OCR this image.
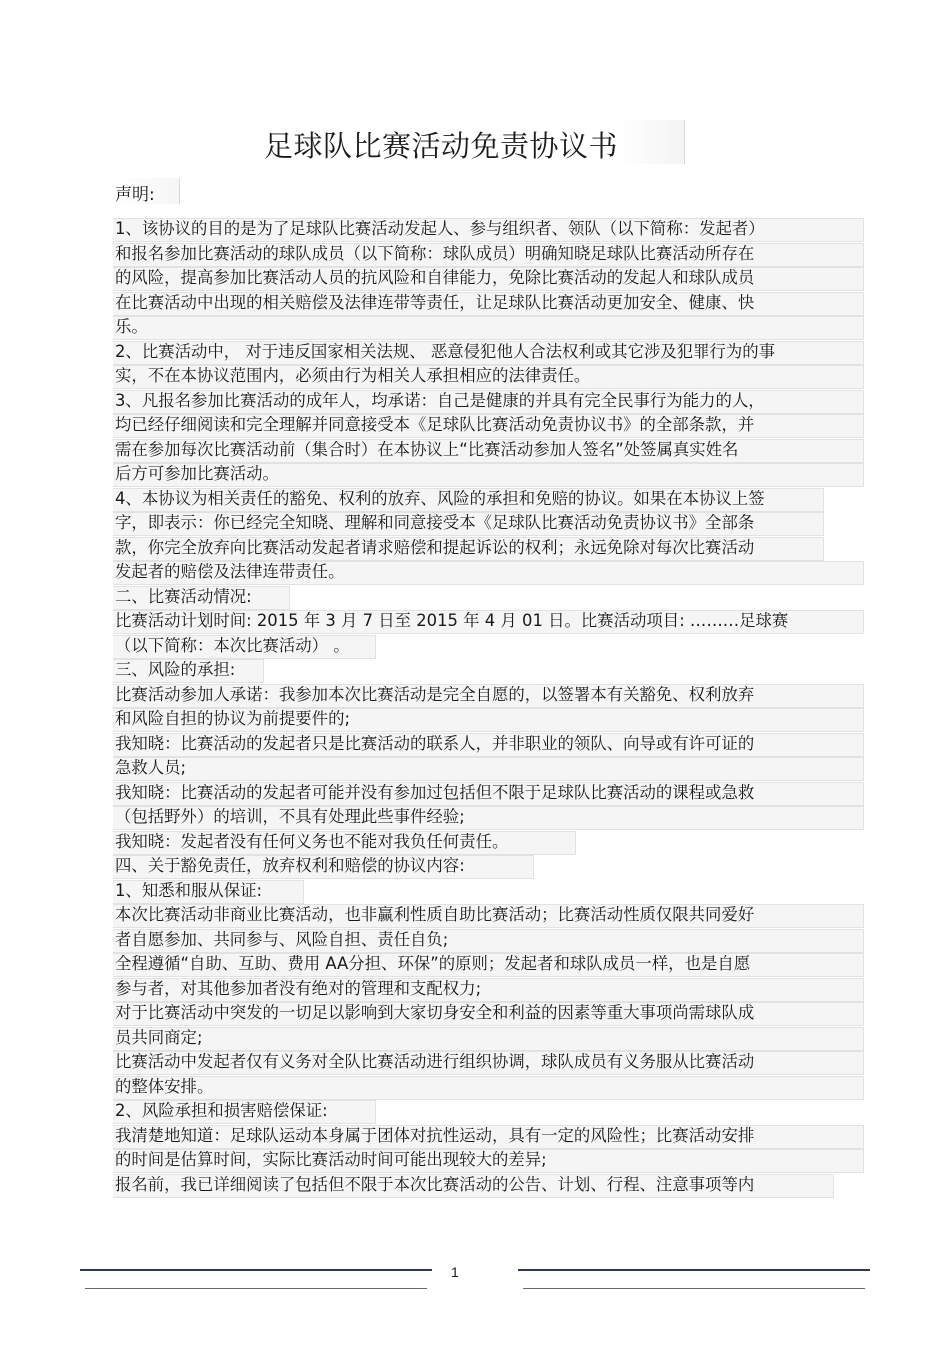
足球队比赛活动免责协议书
声明:
1、该协议的目的是为了足球队比赛活动发起人、参与组织者、领队（以下简称：发起者）
和报名参加比赛活动的球队成员（以下简称：球队成员）明确知晓足球队比赛活动所存在
的风险，提高参加比赛活动人员的抗风险和自律能力，免除比赛活动的发起人和球队成员
在比赛活动中出现的相关赔偿及法律连带等责任，让足球队比赛活动更加安全、健康、快
乐。
2、比赛活动中， 对于违反国家相关法规、 恶意侵犯他人合法权利或其它涉及犯罪行为的事
实，不在本协议范围内，必须由行为相关人承担相应的法律责任。
3、凡报名参加比赛活动的成年人，均承诺：自己是健康的并具有完全民事行为能力的人，
均已经仔细阅读和完全理解并同意接受本《足球队比赛活动免责协议书》的全部条款，并
需在参加每次比赛活动前（集合时）在本协议上“比赛活动参加人签名”处签属真实姓名
后方可参加比赛活动。
4、本协议为相关责任的豁免、权利的放弃、风险的承担和免赔的协议。如果在本协议上签
字，即表示：你已经完全知晓、理解和同意接受本《足球队比赛活动免责协议书》全部条
款，你完全放弃向比赛活动发起者请求赔偿和提起诉讼的权利；永远免除对每次比赛活动
发起者的赔偿及法律连带责任。
二、比赛活动情况:
比赛活动计划时间: 2015 年 3 月 7 日至 2015 年 4 月 01 日。比赛活动项目: ………足球赛
（以下简称：本次比赛活动） 。
三、风险的承担:
比赛活动参加人承诺：我参加本次比赛活动是完全自愿的，以签署本有关豁免、权利放弃
和风险自担的协议为前提要件的;
我知晓：比赛活动的发起者只是比赛活动的联系人，并非职业的领队、向导或有许可证的
急救人员;
我知晓：比赛活动的发起者可能并没有参加过包括但不限于足球队比赛活动的课程或急救
（包括野外）的培训，不具有处理此些事件经验;
我知晓：发起者没有任何义务也不能对我负任何责任。
四、关于豁免责任，放弃权利和赔偿的协议内容:
1、知悉和服从保证:
本次比赛活动非商业比赛活动，也非赢利性质自助比赛活动；比赛活动性质仅限共同爱好
者自愿参加、共同参与、风险自担、责任自负;
全程遵循“自助、互助、费用 AA分担、环保”的原则；发起者和球队成员一样，也是自愿
参与者，对其他参加者没有绝对的管理和支配权力;
对于比赛活动中突发的一切足以影响到大家切身安全和利益的因素等重大事项尚需球队成
员共同商定;
比赛活动中发起者仅有义务对全队比赛活动进行组织协调，球队成员有义务服从比赛活动
的整体安排。
2、风险承担和损害赔偿保证:
我清楚地知道：足球队运动本身属于团体对抗性运动，具有一定的风险性；比赛活动安排
的时间是估算时间，实际比赛活动时间可能出现较大的差异;
报名前，我已详细阅读了包括但不限于本次比赛活动的公告、计划、行程、注意事项等内
1
